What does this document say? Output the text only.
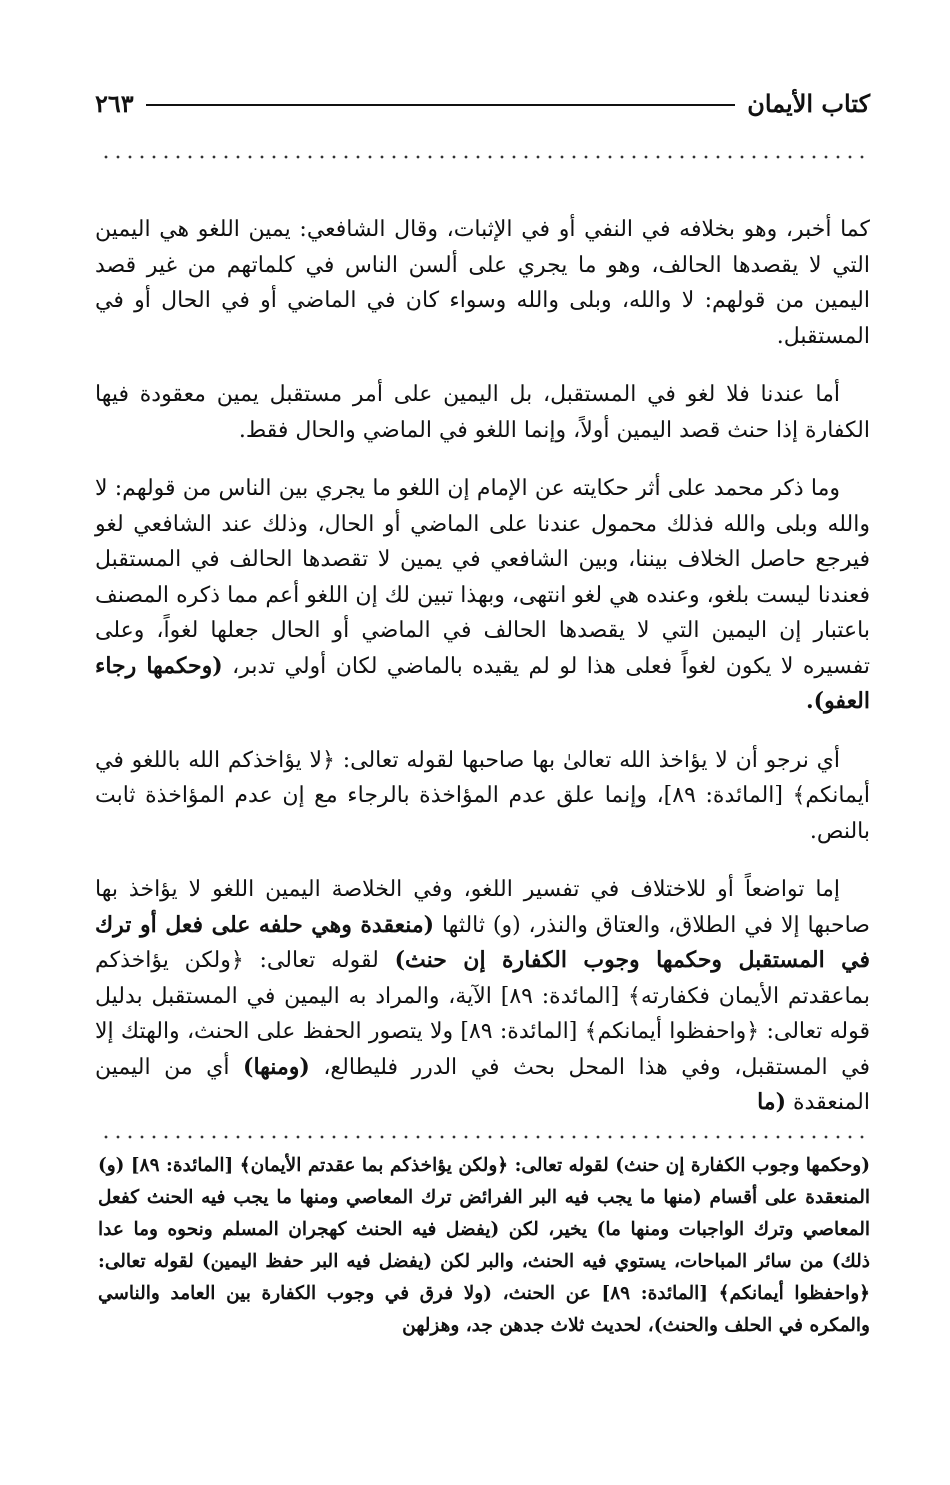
كتاب الأيمان
٢٦٣

كما أخبر، وهو بخلافه في النفي أو في الإثبات، وقال الشافعي: يمين اللغو هي اليمين التي لا يقصدها الحالف، وهو ما يجري على ألسن الناس في كلماتهم من غير قصد اليمين من قولهم: لا والله، وبلى والله وسواء كان في الماضي أو في الحال أو في المستقبل.

أما عندنا فلا لغو في المستقبل، بل اليمين على أمر مستقبل يمين معقودة فيها الكفارة إذا حنث قصد اليمين أولاً، وإنما اللغو في الماضي والحال فقط.

وما ذكر محمد على أثر حكايته عن الإمام إن اللغو ما يجري بين الناس من قولهم: لا والله وبلى والله فذلك محمول عندنا على الماضي أو الحال، وذلك عند الشافعي لغو فيرجع حاصل الخلاف بيننا، وبين الشافعي في يمين لا تقصدها الحالف في المستقبل فعندنا ليست بلغو، وعنده هي لغو انتهى، وبهذا تبين لك إن اللغو أعم مما ذكره المصنف باعتبار إن اليمين التي لا يقصدها الحالف في الماضي أو الحال جعلها لغواً، وعلى تفسيره لا يكون لغواً فعلى هذا لو لم يقيده بالماضي لكان أولي تدبر، (وحكمها رجاء العفو).

أي نرجو أن لا يؤاخذ الله تعالىٰ بها صاحبها لقوله تعالى: ﴿لا يؤاخذكم الله باللغو في أيمانكم﴾ [المائدة: ٨٩]، وإنما علق عدم المؤاخذة بالرجاء مع إن عدم المؤاخذة ثابت بالنص.

إما تواضعاً أو للاختلاف في تفسير اللغو، وفي الخلاصة اليمين اللغو لا يؤاخذ بها صاحبها إلا في الطلاق، والعتاق والنذر، (و) ثالثها (منعقدة وهي حلفه على فعل أو ترك في المستقبل وحكمها وجوب الكفارة إن حنث) لقوله تعالى: ﴿ولكن يؤاخذكم بماعقدتم الأيمان فكفارته﴾ [المائدة: ٨٩] الآية، والمراد به اليمين في المستقبل بدليل قوله تعالى: ﴿واحفظوا أيمانكم﴾ [المائدة: ٨٩] ولا يتصور الحفظ على الحنث، والهتك إلا في المستقبل، وفي هذا المحل بحث في الدرر فليطالع، (ومنها) أي من اليمين المنعقدة (ما

(وحكمها وجوب الكفارة إن حنث) لقوله تعالى: ﴿ولكن يؤاخذكم بما عقدتم الأيمان﴾ [المائدة: ٨٩] (و) المنعقدة على أقسام (منها ما يجب فيه البر الفرائض ترك المعاصي ومنها ما يجب فيه الحنث كفعل المعاصي وترك الواجبات ومنها ما) يخير، لكن (يفضل فيه الحنث كهجران المسلم ونحوه وما عدا ذلك) من سائر المباحات، يستوي فيه الحنث، والبر لكن (يفضل فيه البر حفظ اليمين) لقوله تعالى: ﴿واحفظوا أيمانكم﴾ [المائدة: ٨٩] عن الحنث، (ولا فرق في وجوب الكفارة بين العامد والناسي والمكره في الحلف والحنث)، لحديث ثلاث جدهن جد، وهزلهن
